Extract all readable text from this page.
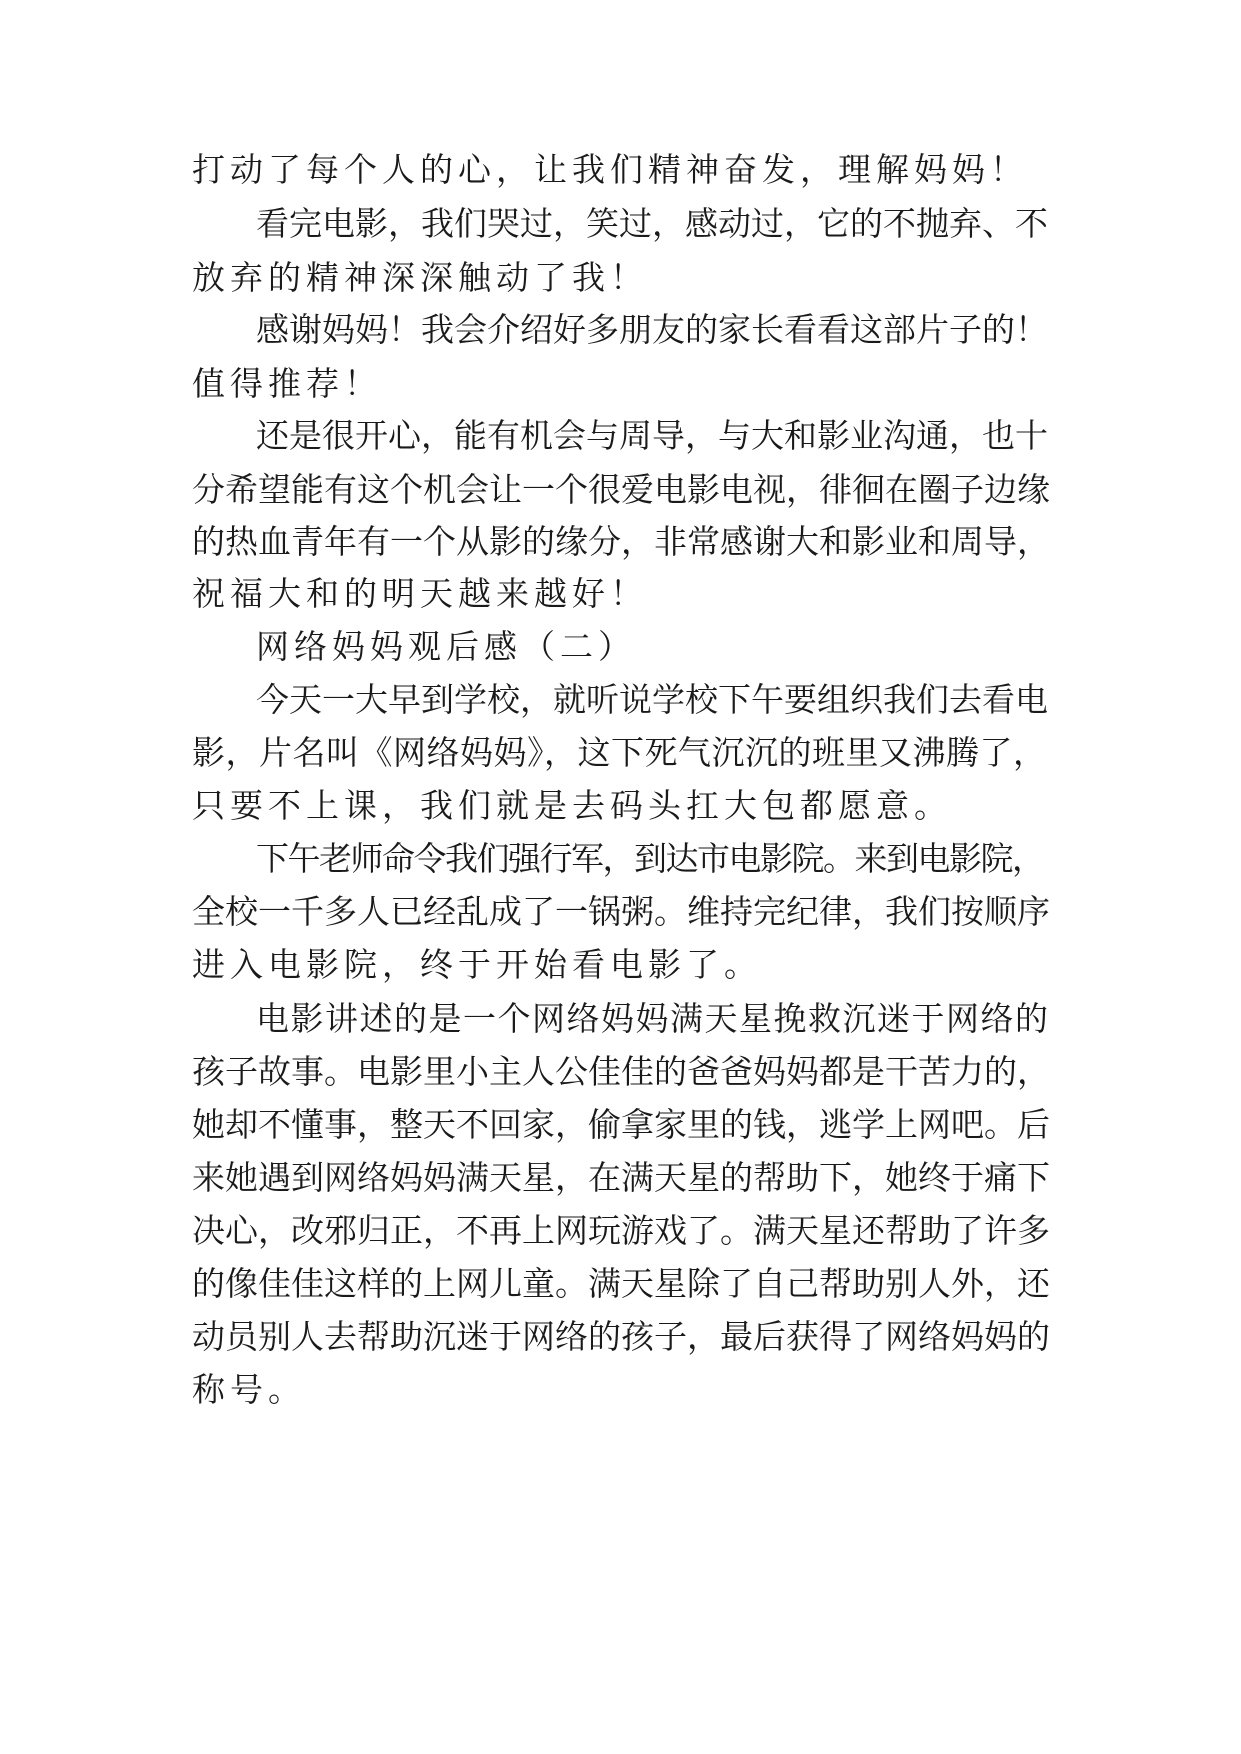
打动了每个人的心，让我们精神奋发，理解妈妈！
看完电影，我们哭过，笑过，感动过，它的不抛弃、不
放弃的精神深深触动了我！
感谢妈妈！我会介绍好多朋友的家长看看这部片子的！
值得推荐！
还是很开心，能有机会与周导，与大和影业沟通，也十
分希望能有这个机会让一个很爱电影电视，徘徊在圈子边缘
的热血青年有一个从影的缘分，非常感谢大和影业和周导，
祝福大和的明天越来越好！
网络妈妈观后感（二）
今天一大早到学校，就听说学校下午要组织我们去看电
影，片名叫《网络妈妈》，这下死气沉沉的班里又沸腾了，
只要不上课，我们就是去码头扛大包都愿意。
下午老师命令我们强行军，到达市电影院。来到电影院，
全校一千多人已经乱成了一锅粥。维持完纪律，我们按顺序
进入电影院，终于开始看电影了。
电影讲述的是一个网络妈妈满天星挽救沉迷于网络的
孩子故事。电影里小主人公佳佳的爸爸妈妈都是干苦力的，
她却不懂事，整天不回家，偷拿家里的钱，逃学上网吧。后
来她遇到网络妈妈满天星，在满天星的帮助下，她终于痛下
决心，改邪归正，不再上网玩游戏了。满天星还帮助了许多
的像佳佳这样的上网儿童。满天星除了自己帮助别人外，还
动员别人去帮助沉迷于网络的孩子，最后获得了网络妈妈的
称号。
